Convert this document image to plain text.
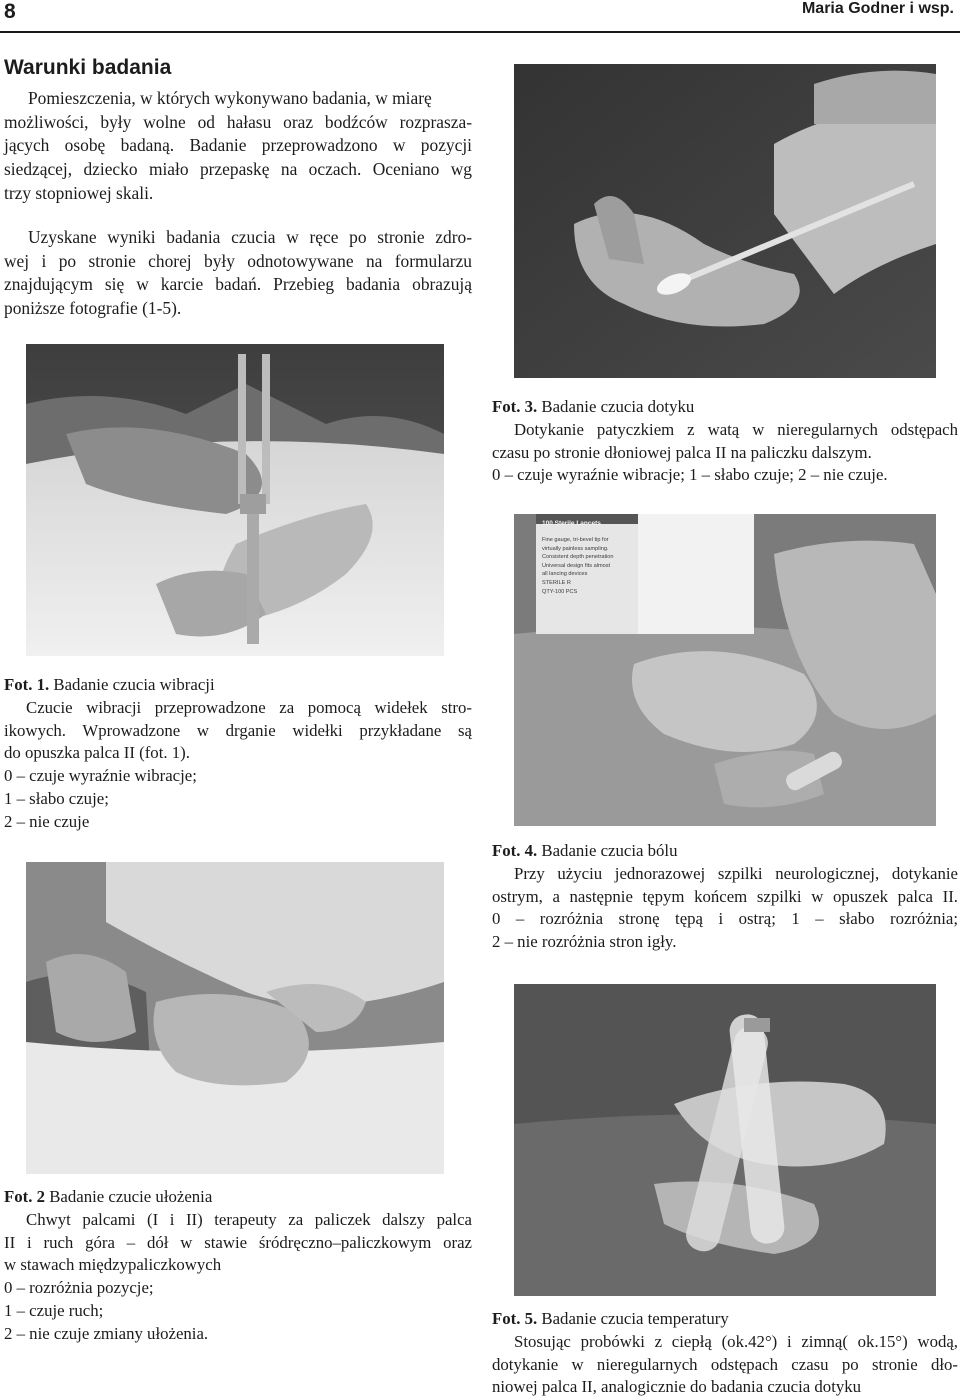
8	Maria Godner i wsp.
Warunki badania

Pomieszczenia, w których wykonywano badania, w miarę

możliwości, były wolne od hałasu oraz bodźców rozprasza-

jących osobę badaną. Badanie przeprowadzono w pozycji

siedzącej, dziecko miało przepaskę na oczach. Oceniano wg

trzy stopniowej skali.

Uzyskane wyniki badania czucia w ręce po stronie zdro-

wej i po stronie chorej były odnotowywane na formularzu

znajdującym się w karcie badań. Przebieg badania obrazują

poniższe fotografie (1-5).

Fot. 3. Badanie czucia dotyku

Dotykanie patyczkiem z watą w nieregularnych odstępach

czasu po stronie dłoniowej palca II na paliczku dalszym.

0 – czuje wyraźnie wibracje; 1 – słabo czuje; 2 – nie czuje.

100 Sterile Lancets
Fine gauge, tri-bevel tip for
virtually painless sampling.
Consistent depth penetration
Universal design fits almost
all lancing devices
STERILE R
QTY-100 PCS

Fot. 1. Badanie czucia wibracji

Czucie wibracji przeprowadzone za pomocą widełek stro-

ikowych. Wprowadzone w drganie widełki przykładane są

do opuszka palca II (fot. 1).

0 – czuje wyraźnie wibracje;

1 – słabo czuje;

2 – nie czuje

Fot. 4. Badanie czucia bólu

Przy użyciu jednorazowej szpilki neurologicznej, dotykanie

ostrym, a następnie tępym końcem szpilki w opuszek palca II.

0 – rozróżnia stronę tępą i ostrą; 1 – słabo rozróżnia;

2 – nie rozróżnia stron igły.

Fot. 2 Badanie czucie ułożenia

Chwyt palcami (I i II) terapeuty za paliczek dalszy palca

II i ruch góra – dół w stawie śródręczno–paliczkowym oraz

w stawach międzypaliczkowych

0 – rozróżnia pozycje;

1 – czuje ruch;

2 – nie czuje zmiany ułożenia.

Fot. 5. Badanie czucia temperatury

Stosując probówki z ciepłą (ok.42°) i zimną( ok.15°) wodą,

dotykanie w nieregularnych odstępach czasu po stronie dło-

niowej palca II, analogicznie do badania czucia dotyku
